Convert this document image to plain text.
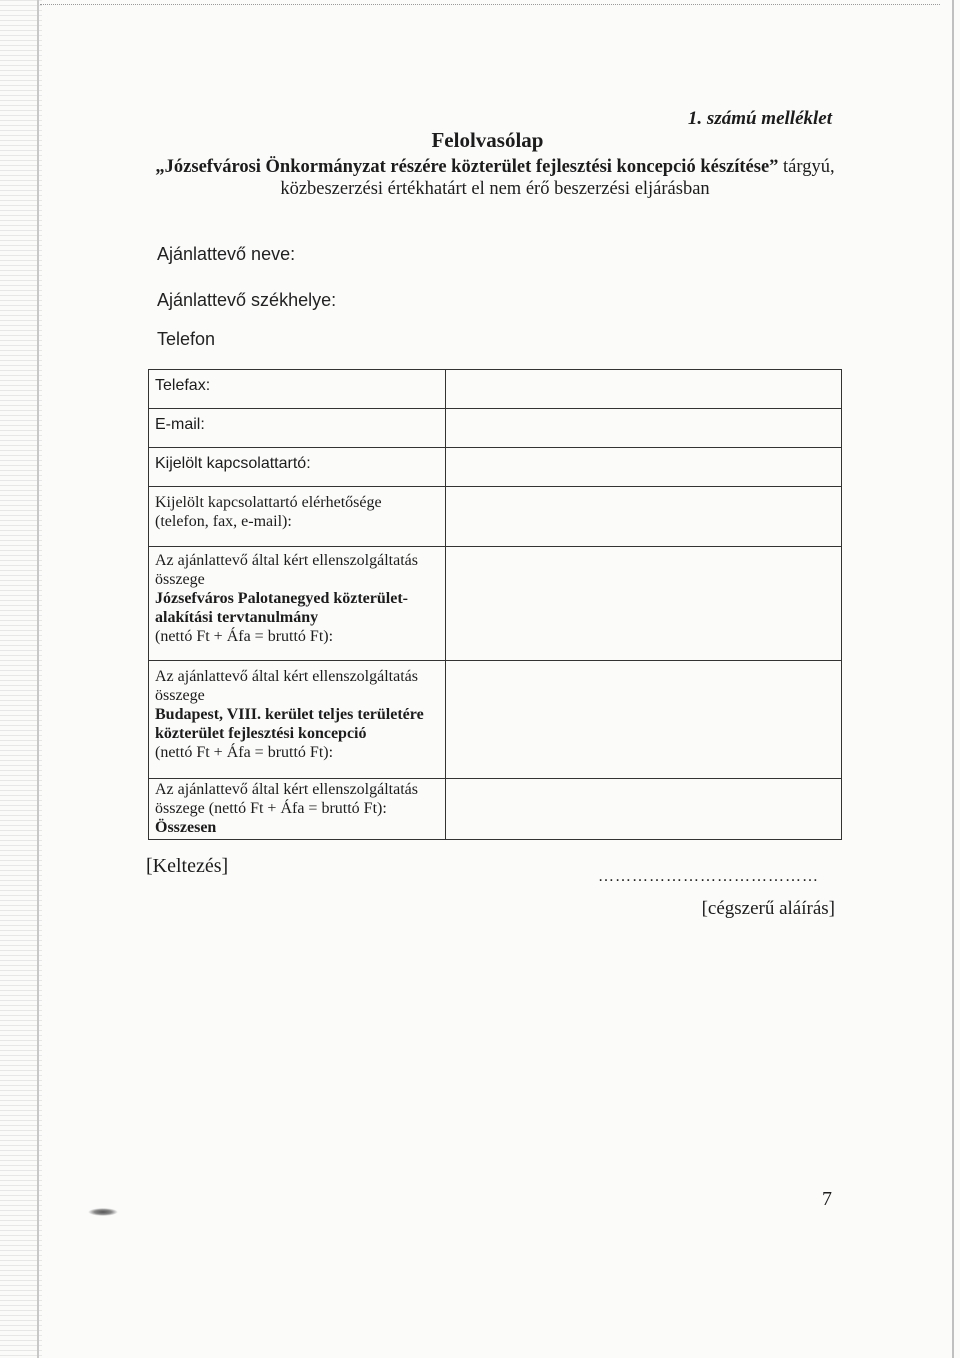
1. számú melléklet
Felolvasólap
„Józsefvárosi Önkormányzat részére közterület fejlesztési koncepció készítése” tárgyú,
közbeszerzési értékhatárt el nem érő beszerzési eljárásban
Ajánlattevő neve:
Ajánlattevő székhelye:
Telefon
Telefax:	
E-mail:	
Kijelölt kapcsolattartó:	
Kijelölt kapcsolattartó elérhetősége
(telefon, fax, e-mail):	
Az ajánlattevő által kért ellenszolgáltatás összege
Józsefváros Palotanegyed közterület-alakítási tervtanulmány
(nettó Ft + Áfa = bruttó Ft):	
Az ajánlattevő által kért ellenszolgáltatás összege
Budapest, VIII. kerület teljes területére közterület fejlesztési koncepció
(nettó Ft + Áfa = bruttó Ft):	
Az ajánlattevő által kért ellenszolgáltatás összege (nettó Ft + Áfa = bruttó Ft):
Összesen	
[Keltezés]	…………………………………
[cégszerű aláírás]
7
